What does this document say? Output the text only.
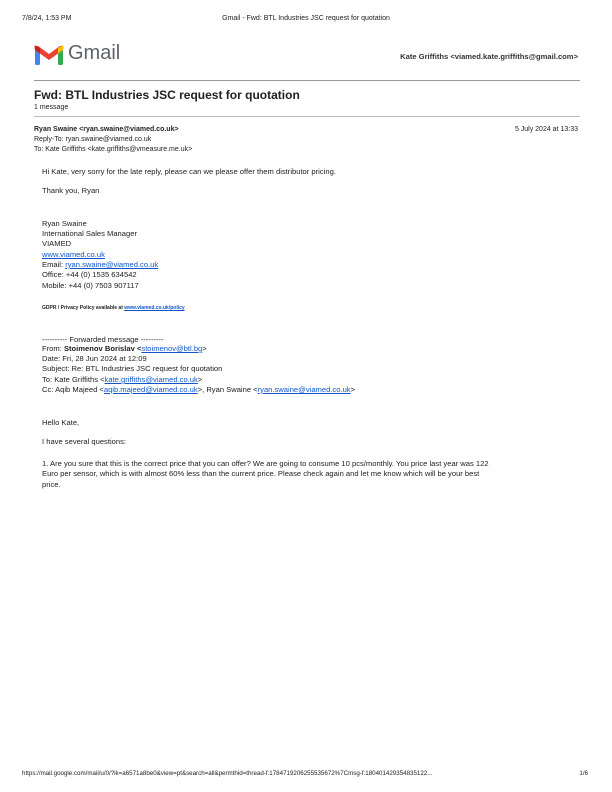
7/8/24, 1:53 PM	Gmail - Fwd: BTL Industries JSC request for quotation
Gmail	Kate Griffiths <viamed.kate.griffiths@gmail.com>
Fwd: BTL Industries JSC request for quotation
1 message
Ryan Swaine <ryan.swaine@viamed.co.uk>	5 July 2024 at 13:33
Reply-To: ryan.swaine@viamed.co.uk
To: Kate Griffiths <kate.griffiths@vmeasure.me.uk>
Hi Kate, very sorry for the late reply, please can we please offer them distributor pricing.
Thank you, Ryan
Ryan Swaine
International Sales Manager
VIAMED
www.viamed.co.uk
Email: ryan.swaine@viamed.co.uk
Office: +44 (0) 1535 634542
Mobile: +44 (0) 7503 907117
GDPR / Privacy Policy available at www.viamed.co.uk/policy
---------- Forwarded message ---------
From: Stoimenov Borislav <stoimenov@btl.bg>
Date: Fri, 28 Jun 2024 at 12:09
Subject: Re: BTL Industries JSC request for quotation
To: Kate Griffiths <kate.griffiths@viamed.co.uk>
Cc: Aqib Majeed <aqib.majeed@viamed.co.uk>, Ryan Swaine <ryan.swaine@viamed.co.uk>
Hello Kate,
I have several questions:
1. Are you sure that this is the correct price that you can offer? We are going to consume 10 pcs/monthly. You price last year was 122
Euro per sensor, which is with almost 60% less than the current price. Please check again and let me know which will be your best
price.
https://mail.google.com/mail/u/0/?ik=a6571a8be0&view=pt&search=all&permthid=thread-f:1784719206255535672%7Cmsg-f:180401429354835122...	1/6
